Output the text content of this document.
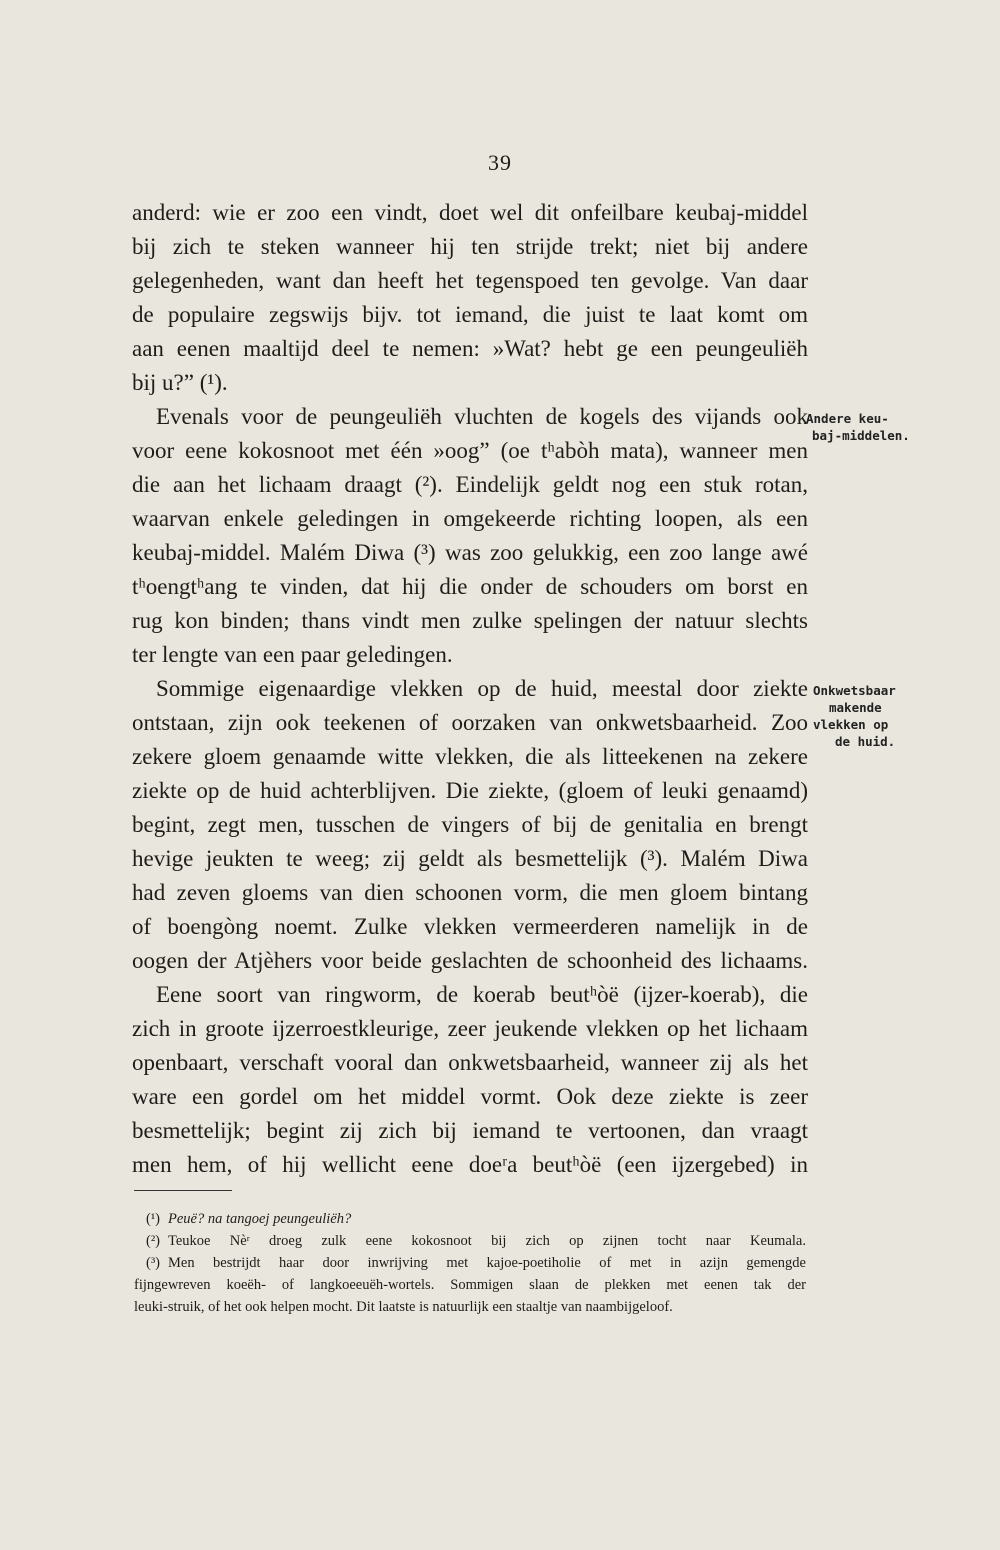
39
anderd: wie er zoo een vindt, doet wel dit onfeilbare keubaj-middel
bij zich te steken wanneer hij ten strijde trekt; niet bij andere
gelegenheden, want dan heeft het tegenspoed ten gevolge. Van daar
de populaire zegswijs bijv. tot iemand, die juist te laat komt om
aan eenen maaltijd deel te nemen: »Wat? hebt ge een peungeuliëh
bij u?” (¹).
Evenals voor de peungeuliëh vluchten de kogels des vijands ook
voor eene kokosnoot met één »oog” (oe tʰabòh mata), wanneer men
die aan het lichaam draagt (²). Eindelijk geldt nog een stuk rotan,
waarvan enkele geledingen in omgekeerde richting loopen, als een
keubaj-middel. Malém Diwa (³) was zoo gelukkig, een zoo lange awé
tʰoengtʰang te vinden, dat hij die onder de schouders om borst en
rug kon binden; thans vindt men zulke spelingen der natuur slechts
ter lengte van een paar geledingen.
Sommige eigenaardige vlekken op de huid, meestal door ziekte
ontstaan, zijn ook teekenen of oorzaken van onkwetsbaarheid. Zoo
zekere gloem genaamde witte vlekken, die als litteekenen na zekere
ziekte op de huid achterblijven. Die ziekte, (gloem of leuki genaamd)
begint, zegt men, tusschen de vingers of bij de genitalia en brengt
hevige jeukten te weeg; zij geldt als besmettelijk (³). Malém Diwa
had zeven gloems van dien schoonen vorm, die men gloem bintang
of boengòng noemt. Zulke vlekken vermeerderen namelijk in de
oogen der Atjèhers voor beide geslachten de schoonheid des lichaams.
Eene soort van ringworm, de koerab beutʰòë (ijzer-koerab), die
zich in groote ijzerroestkleurige, zeer jeukende vlekken op het lichaam
openbaart, verschaft vooral dan onkwetsbaarheid, wanneer zij als het
ware een gordel om het middel vormt. Ook deze ziekte is zeer
besmettelijk; begint zij zich bij iemand te vertoonen, dan vraagt
men hem, of hij wellicht eene doeʳa beutʰòë (een ijzergebed) in
Andere keu-
baj-middelen.
Onkwetsbaar
makende
vlekken op
de huid.
(¹) Peuë? na tangoej peungeuliëh?
(²) Teukoe Nèʳ droeg zulk eene kokosnoot bij zich op zijnen tocht naar Keumala.
(³) Men bestrijdt haar door inwrijving met kajoe-poetiholie of met in azijn gemengde
fijngewreven koeëh- of langkoeeuëh-wortels. Sommigen slaan de plekken met eenen tak der
leuki-struik, of het ook helpen mocht. Dit laatste is natuurlijk een staaltje van naambijgeloof.
